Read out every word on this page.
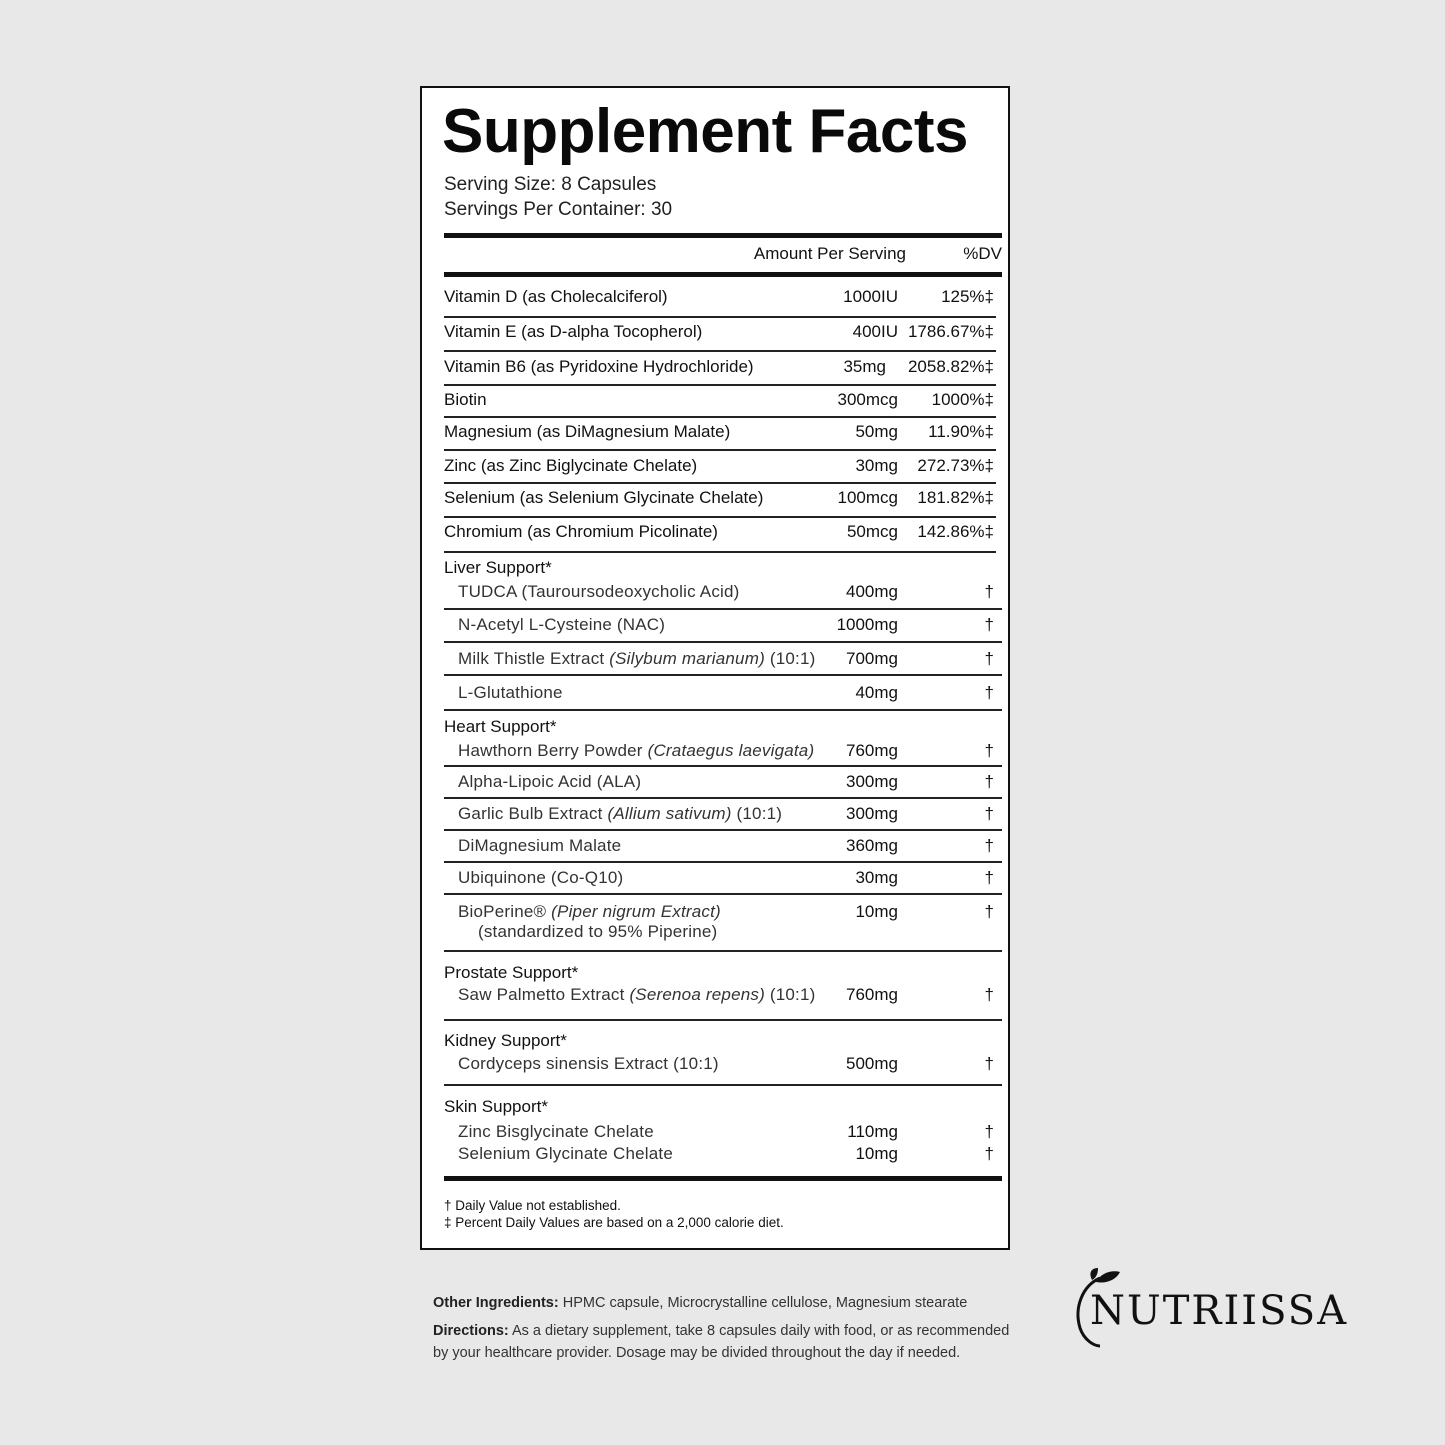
Supplement Facts
Serving Size: 8 Capsules
Servings Per Container: 30
Amount Per Serving	%DV
Vitamin D (as Cholecalciferol)	1000IU	125%‡
Vitamin E (as D-alpha Tocopherol)	400IU 1786.67%‡
Vitamin B6 (as Pyridoxine Hydrochloride)	35mg 2058.82%‡
Biotin	300mcg 1000%‡
Magnesium (as DiMagnesium Malate)	50mg 11.90%‡
Zinc (as Zinc Biglycinate Chelate)	30mg 272.73%‡
Selenium (as Selenium Glycinate Chelate)	100mcg 181.82%‡
Chromium (as Chromium Picolinate)	50mcg 142.86%‡
Liver Support*
TUDCA (Tauroursodeoxycholic Acid)	400mg	†
N-Acetyl L-Cysteine (NAC)	1000mg	†
Milk Thistle Extract (Silybum marianum) (10:1) 700mg	†
L-Glutathione	40mg	†
Heart Support*
Hawthorn Berry Powder (Crataegus laevigata) 760mg	†
Alpha-Lipoic Acid (ALA)	300mg	†
Garlic Bulb Extract (Allium sativum) (10:1)	300mg	†
DiMagnesium Malate	360mg	†
Ubiquinone (Co-Q10)	30mg	†
BioPerine® (Piper nigrum Extract)
(standardized to 95% Piperine)
10mg	†
Prostate Support*
Saw Palmetto Extract (Serenoa repens) (10:1) 760mg	†
Kidney Support*
Cordyceps sinensis Extract (10:1)	500mg	†
Skin Support*
Zinc Bisglycinate Chelate	110mg	†
Selenium Glycinate Chelate	10mg	†
† Daily Value not established.
‡ Percent Daily Values are based on a 2,000 calorie diet.
Other Ingredients: HPMC capsule, Microcrystalline cellulose, Magnesium stearate
Directions: As a dietary supplement, take 8 capsules daily with food, or as recommended by your healthcare provider. Dosage may be divided throughout the day if needed.
NUTRIISSA
